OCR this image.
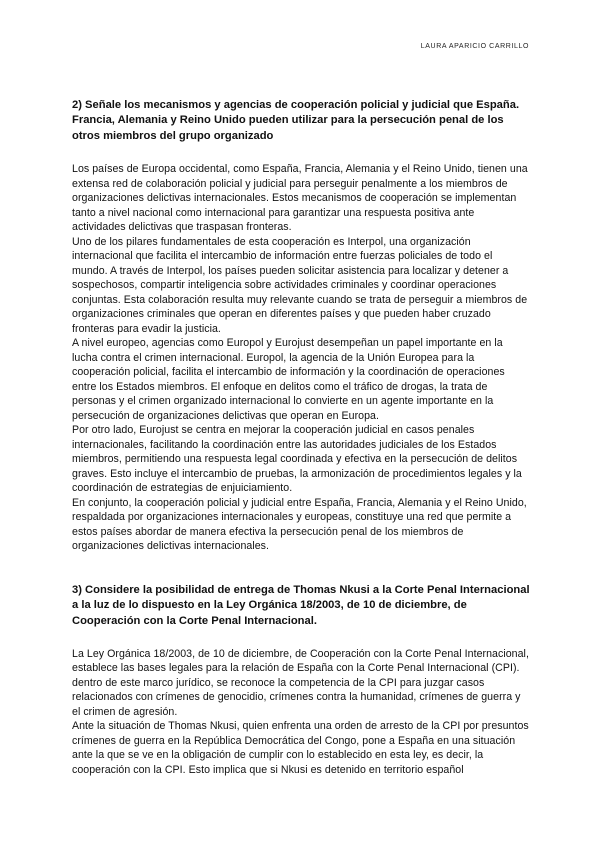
LAURA APARICIO CARRILLO

2) Señale los mecanismos y agencias de cooperación policial y judicial que España. Francia, Alemania y Reino Unido pueden utilizar para la persecución penal de los otros miembros del grupo organizado

Los países de Europa occidental, como España, Francia, Alemania y el Reino Unido, tienen una extensa red de colaboración policial y judicial para perseguir penalmente a los miembros de organizaciones delictivas internacionales. Estos mecanismos de cooperación se implementan tanto a nivel nacional como internacional para garantizar una respuesta positiva ante actividades delictivas que traspasan fronteras.

Uno de los pilares fundamentales de esta cooperación es Interpol, una organización internacional que facilita el intercambio de información entre fuerzas policiales de todo el mundo. A través de Interpol, los países pueden solicitar asistencia para localizar y detener a sospechosos, compartir inteligencia sobre actividades criminales y coordinar operaciones conjuntas. Esta colaboración resulta muy relevante cuando se trata de perseguir a miembros de organizaciones criminales que operan en diferentes países y que pueden haber cruzado fronteras para evadir la justicia.

A nivel europeo, agencias como Europol y Eurojust desempeñan un papel importante en la lucha contra el crimen internacional. Europol, la agencia de la Unión Europea para la cooperación policial, facilita el intercambio de información y la coordinación de operaciones entre los Estados miembros. El enfoque en delitos como el tráfico de drogas, la trata de personas y el crimen organizado internacional lo convierte en un agente importante en la persecución de organizaciones delictivas que operan en Europa.

Por otro lado, Eurojust se centra en mejorar la cooperación judicial en casos penales internacionales, facilitando la coordinación entre las autoridades judiciales de los Estados miembros, permitiendo una respuesta legal coordinada y efectiva en la persecución de delitos graves. Esto incluye el intercambio de pruebas, la armonización de procedimientos legales y la coordinación de estrategias de enjuiciamiento.

En conjunto, la cooperación policial y judicial entre España, Francia, Alemania y el Reino Unido, respaldada por organizaciones internacionales y europeas, constituye una red que permite a estos países abordar de manera efectiva la persecución penal de los miembros de organizaciones delictivas internacionales.

3) Considere la posibilidad de entrega de Thomas Nkusi a la Corte Penal Internacional a la luz de lo dispuesto en la Ley Orgánica 18/2003, de 10 de diciembre, de Cooperación con la Corte Penal Internacional.

La Ley Orgánica 18/2003, de 10 de diciembre, de Cooperación con la Corte Penal Internacional, establece las bases legales para la relación de España con la Corte Penal Internacional (CPI). dentro de este marco jurídico, se reconoce la competencia de la CPI para juzgar casos relacionados con crímenes de genocidio, crímenes contra la humanidad, crímenes de guerra y el crimen de agresión.

Ante la situación de Thomas Nkusi, quien enfrenta una orden de arresto de la CPI por presuntos crímenes de guerra en la República Democrática del Congo, pone a España en una situación ante la que se ve en la obligación de cumplir con lo establecido en esta ley, es decir, la cooperación con la CPI. Esto implica que si Nkusi es detenido en territorio español
